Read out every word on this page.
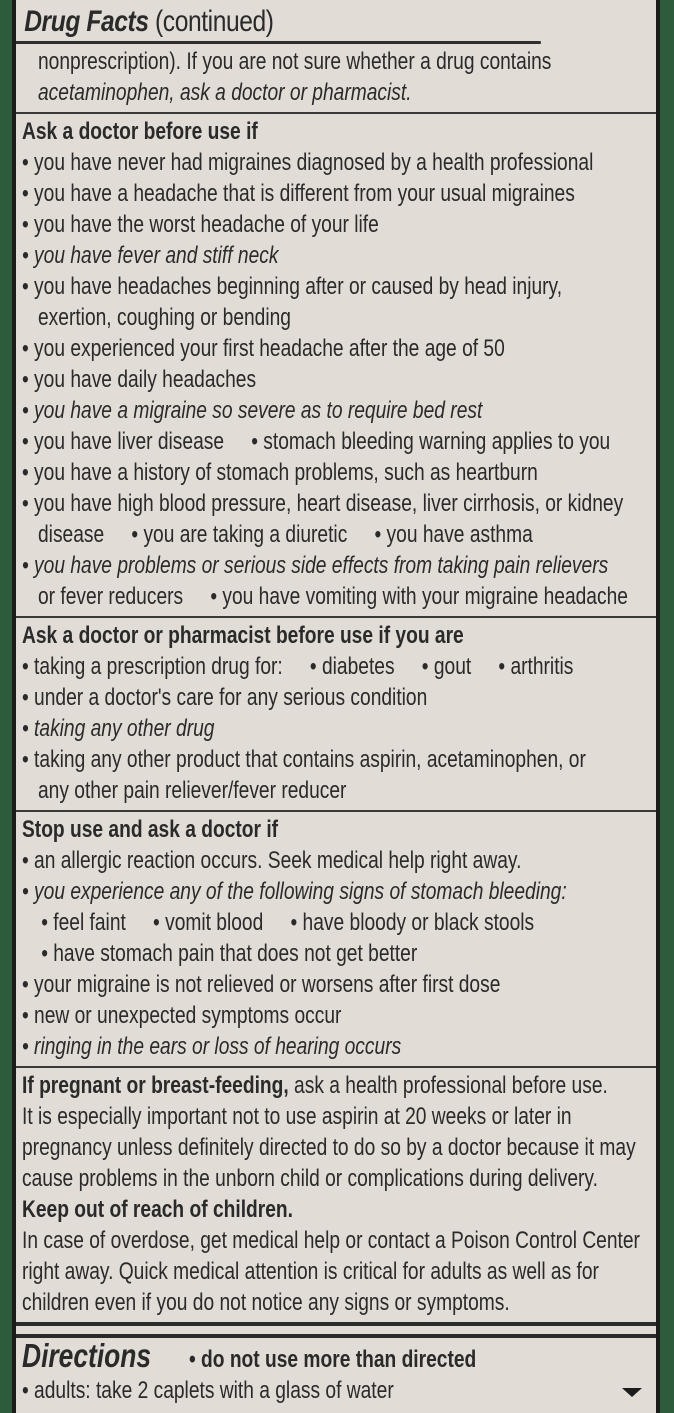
Drug Facts (continued)
nonprescription). If you are not sure whether a drug contains
acetaminophen, ask a doctor or pharmacist.
Ask a doctor before use if
• you have never had migraines diagnosed by a health professional
• you have a headache that is different from your usual migraines
• you have the worst headache of your life
• you have fever and stiff neck
• you have headaches beginning after or caused by head injury,
exertion, coughing or bending
• you experienced your first headache after the age of 50
• you have daily headaches
• you have a migraine so severe as to require bed rest
• you have liver disease • stomach bleeding warning applies to you
• you have a history of stomach problems, such as heartburn
• you have high blood pressure, heart disease, liver cirrhosis, or kidney
disease • you are taking a diuretic • you have asthma
• you have problems or serious side effects from taking pain relievers
or fever reducers • you have vomiting with your migraine headache
Ask a doctor or pharmacist before use if you are
• taking a prescription drug for: • diabetes • gout • arthritis
• under a doctor's care for any serious condition
• taking any other drug
• taking any other product that contains aspirin, acetaminophen, or
any other pain reliever/fever reducer
Stop use and ask a doctor if
• an allergic reaction occurs. Seek medical help right away.
• you experience any of the following signs of stomach bleeding:
• feel faint • vomit blood • have bloody or black stools
• have stomach pain that does not get better
• your migraine is not relieved or worsens after first dose
• new or unexpected symptoms occur
• ringing in the ears or loss of hearing occurs
If pregnant or breast-feeding, ask a health professional before use.
It is especially important not to use aspirin at 20 weeks or later in
pregnancy unless definitely directed to do so by a doctor because it may
cause problems in the unborn child or complications during delivery.
Keep out of reach of children.
In case of overdose, get medical help or contact a Poison Control Center
right away. Quick medical attention is critical for adults as well as for
children even if you do not notice any signs or symptoms.
Directions • do not use more than directed
• adults: take 2 caplets with a glass of water
